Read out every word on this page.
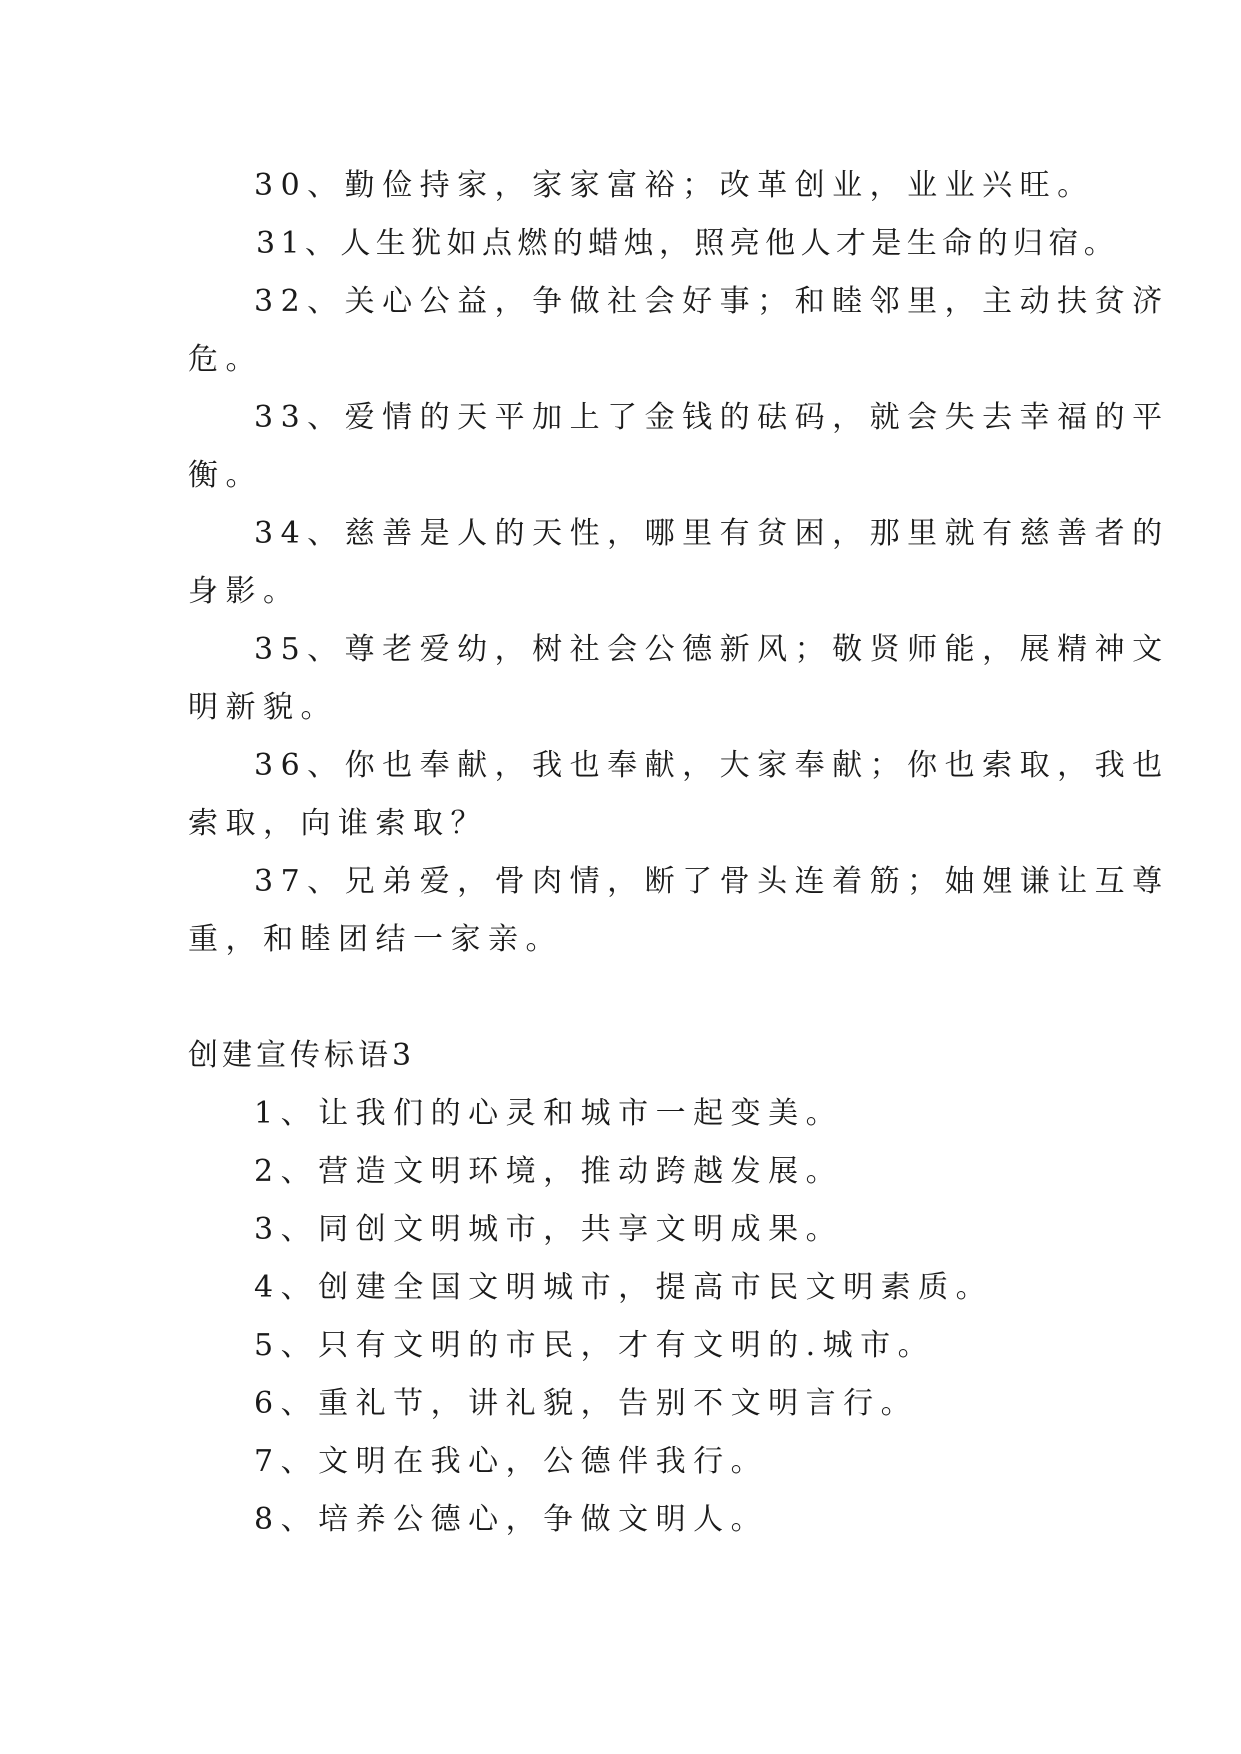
30、勤俭持家，家家富裕；改革创业，业业兴旺。

31、人生犹如点燃的蜡烛，照亮他人才是生命的归宿。

32、关心公益，争做社会好事；和睦邻里，主动扶贫济

危。

33、爱情的天平加上了金钱的砝码，就会失去幸福的平

衡。

34、慈善是人的天性，哪里有贫困，那里就有慈善者的

身影。

35、尊老爱幼，树社会公德新风；敬贤师能，展精神文

明新貌。

36、你也奉献，我也奉献，大家奉献；你也索取，我也

索取，向谁索取？

37、兄弟爱，骨肉情，断了骨头连着筋；妯娌谦让互尊

重，和睦团结一家亲。

创建宣传标语3

1、让我们的心灵和城市一起变美。

2、营造文明环境，推动跨越发展。

3、同创文明城市，共享文明成果。

4、创建全国文明城市，提高市民文明素质。

5、只有文明的市民，才有文明的.城市。

6、重礼节，讲礼貌，告别不文明言行。

7、文明在我心，公德伴我行。

8、培养公德心，争做文明人。
